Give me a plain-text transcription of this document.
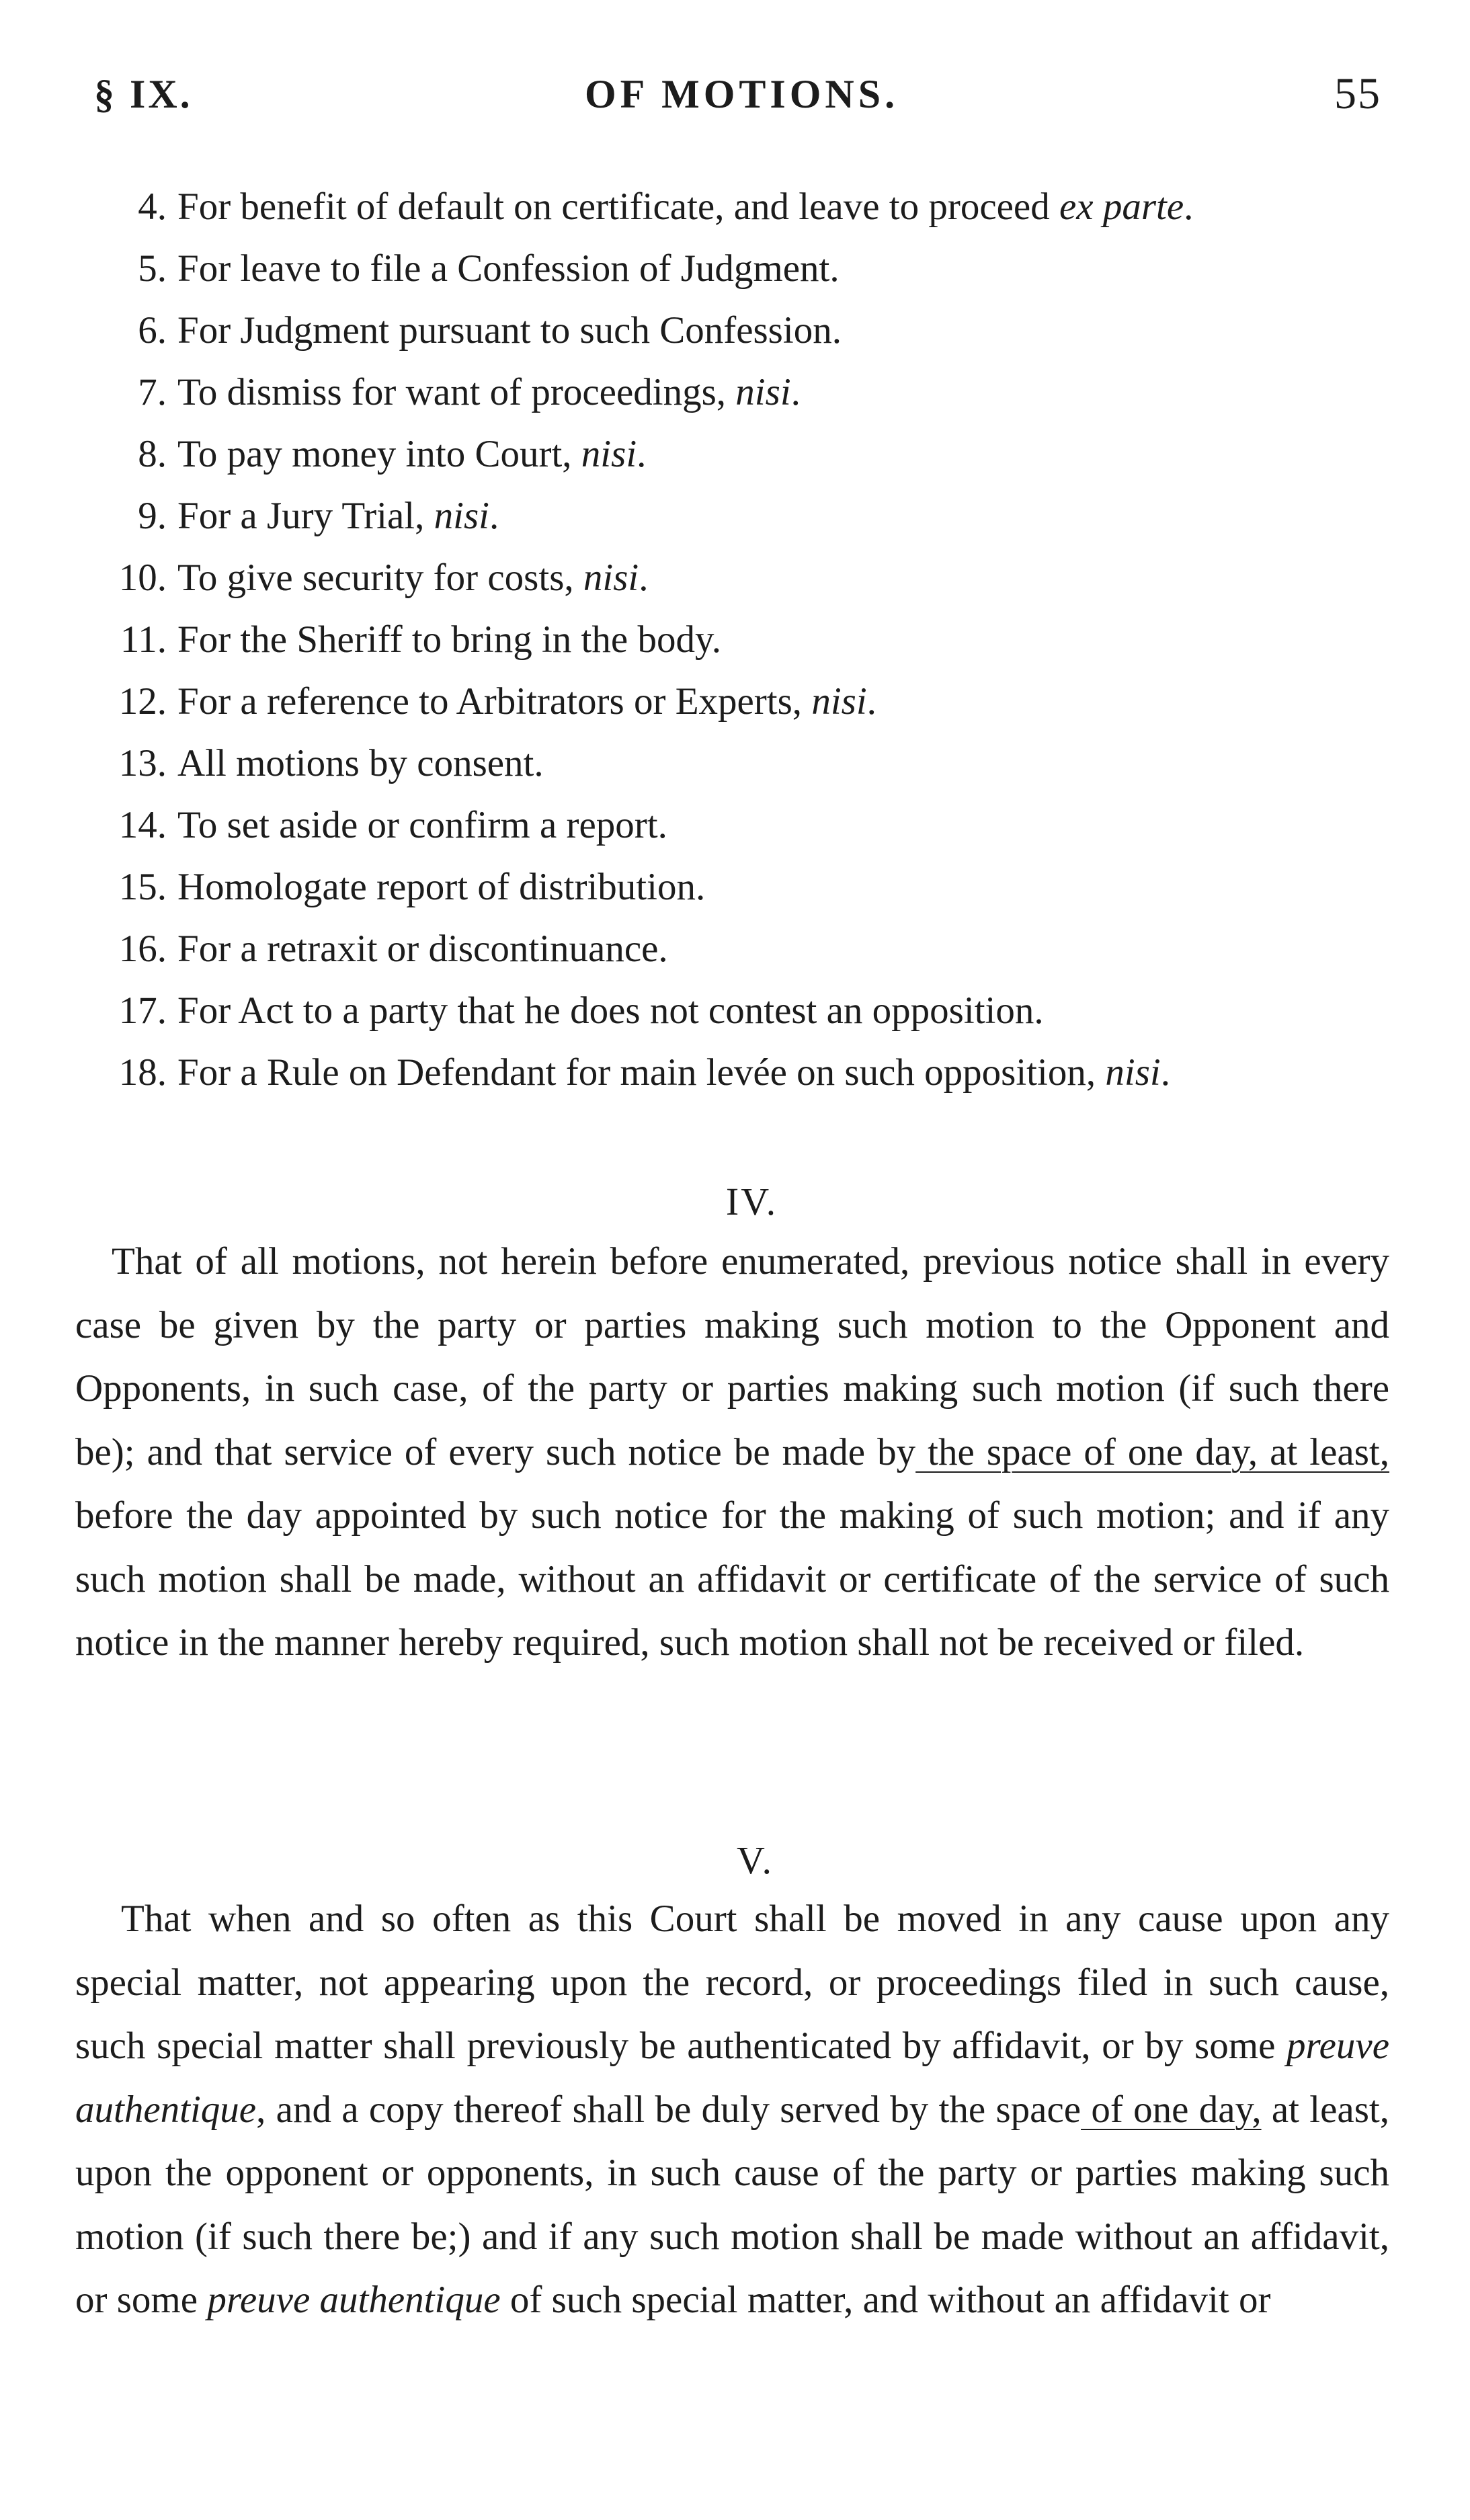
§ IX.	OF MOTIONS.	55
4. For benefit of default on certificate, and leave to proceed ex parte.
5. For leave to file a Confession of Judgment.
6. For Judgment pursuant to such Confession.
7. To dismiss for want of proceedings, nisi.
8. To pay money into Court, nisi.
9. For a Jury Trial, nisi.
10. To give security for costs, nisi.
11. For the Sheriff to bring in the body.
12. For a reference to Arbitrators or Experts, nisi.
13. All motions by consent.
14. To set aside or confirm a report.
15. Homologate report of distribution.
16. For a retraxit or discontinuance.
17. For Act to a party that he does not contest an opposition.
18. For a Rule on Defendant for main levée on such opposition, nisi.
IV.

That of all motions, not herein before enumerated, previous notice shall in every case be given by the party or parties making such motion to the Opponent and Opponents, in such case, of the party or parties making such motion (if such there be); and that service of every such notice be made by the space of one day, at least, before the day appointed by such notice for the making of such motion; and if any such motion shall be made, without an affidavit or certificate of the service of such notice in the manner hereby required, such motion shall not be received or filed.

V.

That when and so often as this Court shall be moved in any cause upon any special matter, not appearing upon the record, or proceedings filed in such cause, such special matter shall previously be authenticated by affidavit, or by some preuve authentique, and a copy thereof shall be duly served by the space of one day, at least, upon the opponent or opponents, in such cause of the party or parties making such motion (if such there be;) and if any such motion shall be made without an affidavit, or some preuve authentique of such special matter, and without an affidavit or
